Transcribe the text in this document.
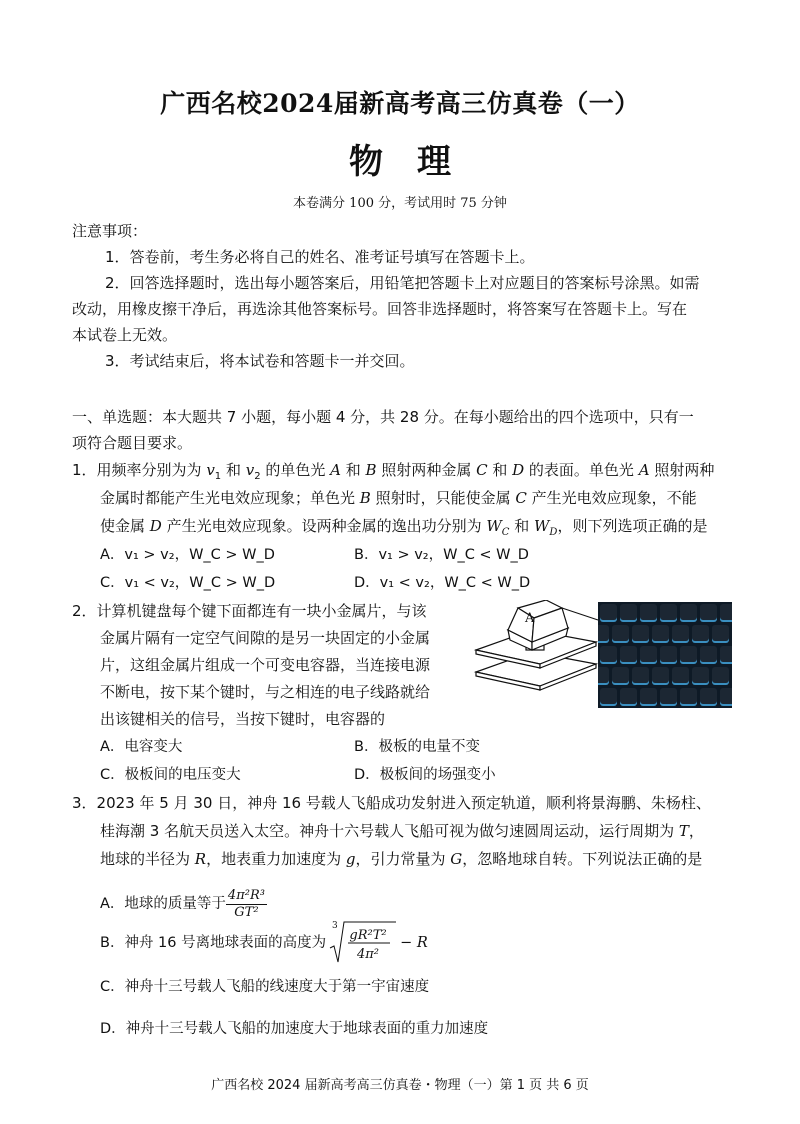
广西名校2024届新高考高三仿真卷（一）
物　理
本卷满分 100 分，考试用时 75 分钟
注意事项：
1．答卷前，考生务必将自己的姓名、准考证号填写在答题卡上。
2．回答选择题时，选出每小题答案后，用铅笔把答题卡上对应题目的答案标号涂黑。如需
改动，用橡皮擦干净后，再选涂其他答案标号。回答非选择题时，将答案写在答题卡上。写在
本试卷上无效。
3．考试结束后，将本试卷和答题卡一并交回。
一、单选题：本大题共 7 小题，每小题 4 分，共 28 分。在每小题给出的四个选项中，只有一
项符合题目要求。
1．用频率分别为为 $v_1$ 和 $v_2$ 的单色光 A 和 B 照射两种金属 C 和 D 的表面。单色光 A 照射两种
金属时都能产生光电效应现象；单色光 B 照射时，只能使金属 C 产生光电效应现象，不能
使金属 D 产生光电效应现象。设两种金属的逸出功分别为 $W_C$ 和 $W_D$，则下列选项正确的是
A．v₁ > v₂，W_C > W_D	B．v₁ > v₂，W_C < W_D
C．v₁ < v₂，W_C > W_D	D．v₁ < v₂，W_C < W_D
2．计算机键盘每个键下面都连有一块小金属片，与该
金属片隔有一定空气间隙的是另一块固定的小金属
片，这组金属片组成一个可变电容器，当连接电源
不断电，按下某个键时，与之相连的电子线路就给
出该键相关的信号，当按下键时，电容器的
A
A．电容变大	B．极板的电量不变
C．极板间的电压变大	D．极板间的场强变小
3．2023 年 5 月 30 日，神舟 16 号载人飞船成功发射进入预定轨道，顺利将景海鹏、朱杨柱、
桂海潮 3 名航天员送入太空。神舟十六号载人飞船可视为做匀速圆周运动，运行周期为 T，
地球的半径为 R，地表重力加速度为 g，引力常量为 G，忽略地球自转。下列说法正确的是
A．地球的质量等于 $\frac{\text{4π²R³}}{\text{GT²}}$
B．神舟 16 号离地球表面的高度为
3
gR²T²
4π²
− R
C．神舟十三号载人飞船的线速度大于第一宇宙速度
D．神舟十三号载人飞船的加速度大于地球表面的重力加速度
广西名校 2024 届新高考高三仿真卷・物理（一）第 1 页 共 6 页
